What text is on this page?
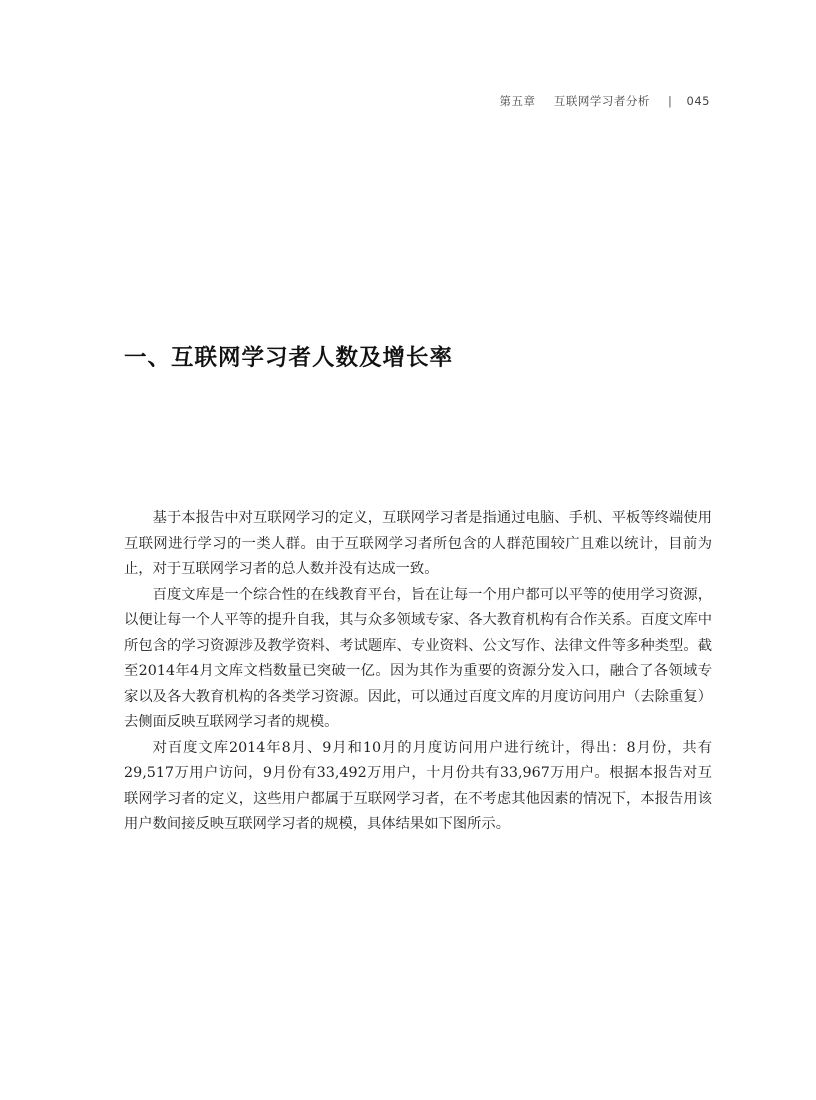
第五章 互联网学习者分析 | 045
一、互联网学习者人数及增长率

基于本报告中对互联网学习的定义，互联网学习者是指通过电脑、手机、平板等终端使用互联网进行学习的一类人群。由于互联网学习者所包含的人群范围较广且难以统计，目前为止，对于互联网学习者的总人数并没有达成一致。

百度文库是一个综合性的在线教育平台，旨在让每一个用户都可以平等的使用学习资源，以便让每一个人平等的提升自我，其与众多领域专家、各大教育机构有合作关系。百度文库中所包含的学习资源涉及教学资料、考试题库、专业资料、公文写作、法律文件等多种类型。截至2014年4月文库文档数量已突破一亿。因为其作为重要的资源分发入口，融合了各领域专家以及各大教育机构的各类学习资源。因此，可以通过百度文库的月度访问用户（去除重复）去侧面反映互联网学习者的规模。

对百度文库2014年8月、9月和10月的月度访问用户进行统计，得出：8月份，共有29,517万用户访问，9月份有33,492万用户，十月份共有33,967万用户。根据本报告对互联网学习者的定义，这些用户都属于互联网学习者，在不考虑其他因素的情况下，本报告用该用户数间接反映互联网学习者的规模，具体结果如下图所示。
